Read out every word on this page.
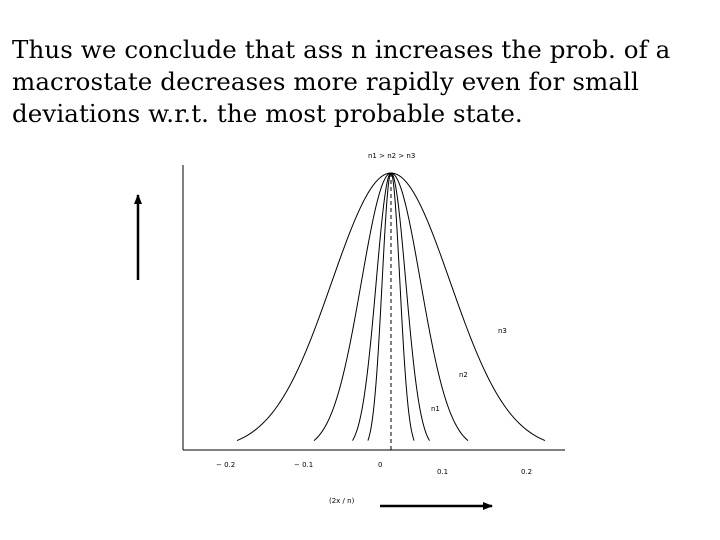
Thus we conclude that ass n increases the prob. of a
macrostate decreases more rapidly even for small
deviations w.r.t. the most probable state.
n1 > n2 > n3
n3
n2
n1
− 0.2	− 0.1	0
0.1	0.2
(2x / n)
